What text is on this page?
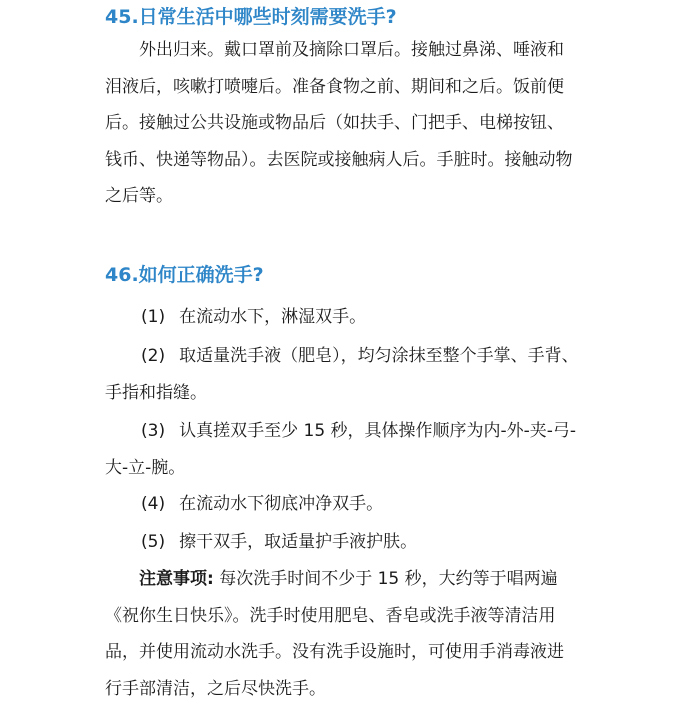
45.日常生活中哪些时刻需要洗手?

外出归来。戴口罩前及摘除口罩后。接触过鼻涕、唾液和泪液后，咳嗽打喷嚏后。准备食物之前、期间和之后。饭前便后。接触过公共设施或物品后（如扶手、门把手、电梯按钮、钱币、快递等物品）。去医院或接触病人后。手脏时。接触动物之后等。

46.如何正确洗手?

(1) 在流动水下，淋湿双手。

(2) 取适量洗手液（肥皂），均匀涂抹至整个手掌、手背、手指和指缝。

(3) 认真搓双手至少 15 秒，具体操作顺序为内-外-夹-弓-大-立-腕。

(4) 在流动水下彻底冲净双手。

(5) 擦干双手，取适量护手液护肤。

注意事项: 每次洗手时间不少于 15 秒，大约等于唱两遍《祝你生日快乐》。洗手时使用肥皂、香皂或洗手液等清洁用品，并使用流动水洗手。没有洗手设施时，可使用手消毒液进行手部清洁，之后尽快洗手。
